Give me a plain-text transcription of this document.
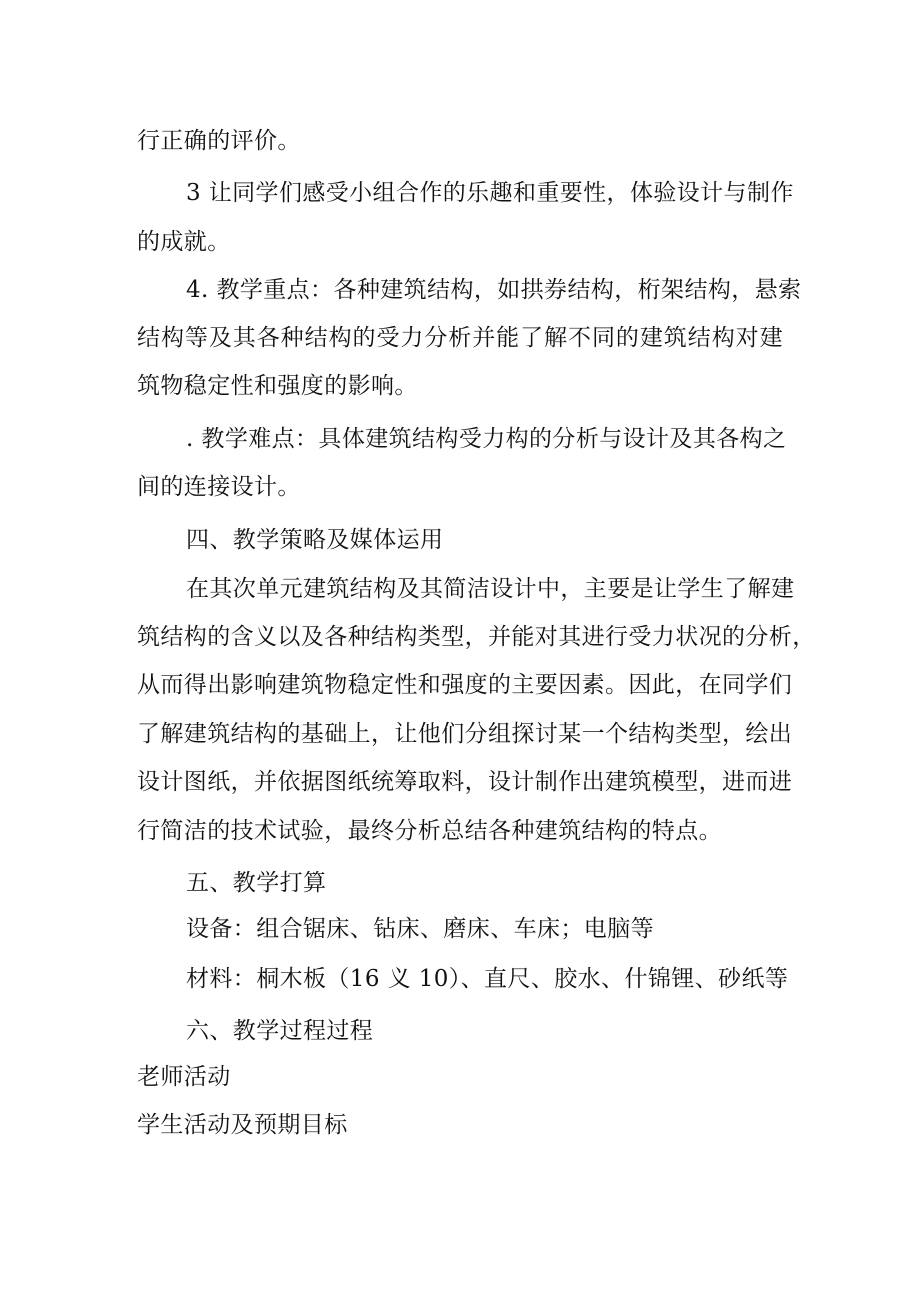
行正确的评价。
3 让同学们感受小组合作的乐趣和重要性，体验设计与制作
的成就。
4. 教学重点：各种建筑结构，如拱券结构，桁架结构，悬索
结构等及其各种结构的受力分析并能了解不同的建筑结构对建
筑物稳定性和强度的影响。
. 教学难点：具体建筑结构受力构的分析与设计及其各构之
间的连接设计。
四、教学策略及媒体运用
在其次单元建筑结构及其简洁设计中，主要是让学生了解建
筑结构的含义以及各种结构类型，并能对其进行受力状况的分析，
从而得出影响建筑物稳定性和强度的主要因素。因此，在同学们
了解建筑结构的基础上，让他们分组探讨某一个结构类型，绘出
设计图纸，并依据图纸统筹取料，设计制作出建筑模型，进而进
行简洁的技术试验，最终分析总结各种建筑结构的特点。
五、教学打算
设备：组合锯床、钻床、磨床、车床；电脑等
材料：桐木板（16 义 10）、直尺、胶水、什锦锂、砂纸等
六、教学过程过程
老师活动
学生活动及预期目标
